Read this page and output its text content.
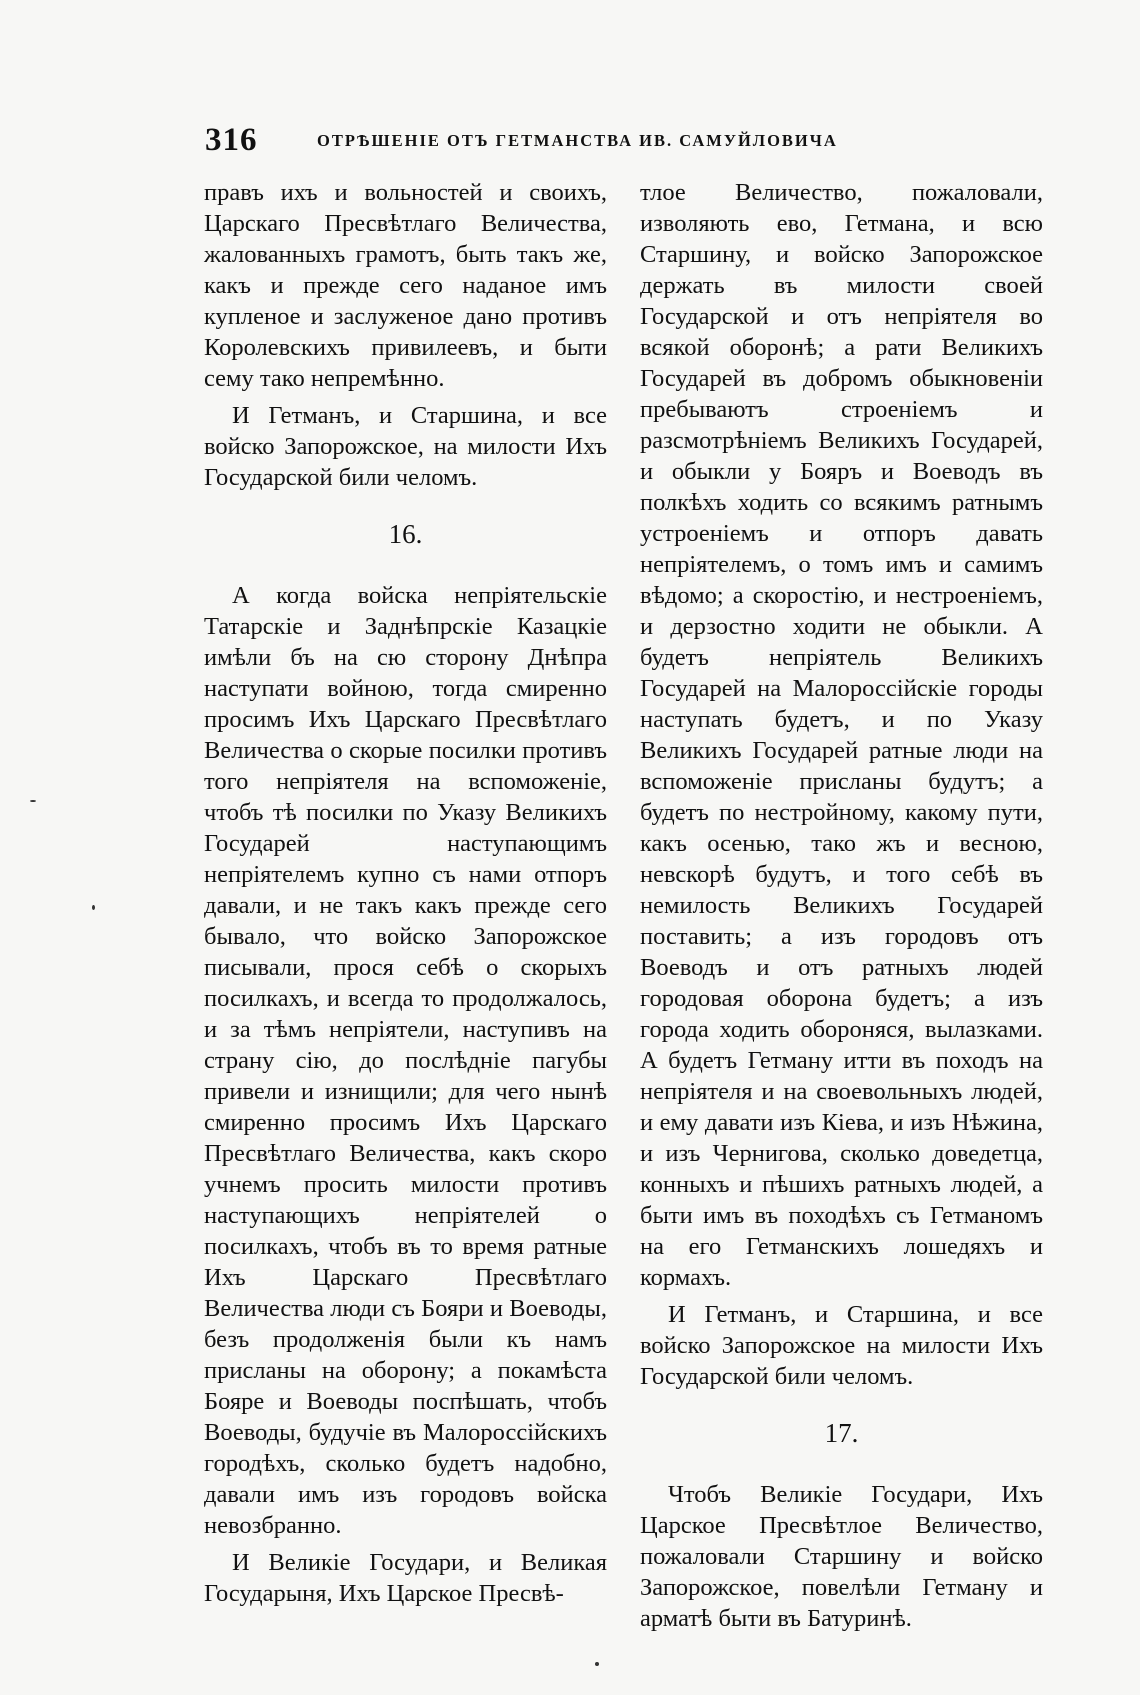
316	ОТРѢШЕНІЕ ОТЪ ГЕТМАНСТВА ИВ. САМУЙЛОВИЧА

правъ ихъ и вольностей и своихъ, Царскаго Пресвѣтлаго Величества, жалованныхъ грамотъ, быть такъ же, какъ и прежде сего наданое имъ купленое и заслуженое дано противъ Королевскихъ привилеевъ, и быти сему тако непремѣнно.

И Гетманъ, и Старшина, и все войско Запорожское, на милости Ихъ Государской били челомъ.

16.

А когда войска непріятельскіе Татарскіе и Заднѣпрскіе Казацкіе имѣли бъ на сю сторону Днѣпра наступати войною, тогда смиренно просимъ Ихъ Царскаго Пресвѣтлаго Величества о скорые посилки противъ того непріятеля на вспоможеніе, чтобъ тѣ посилки по Указу Великихъ Государей наступающимъ непріятелемъ купно съ нами отпоръ давали, и не такъ какъ прежде сего бывало, что войско Запорожское писывали, прося себѣ о скорыхъ посилкахъ, и всегда то продолжалось, и за тѣмъ непріятели, наступивъ на страну сію, до послѣдніе пагубы привели и изнищили; для чего нынѣ смиренно просимъ Ихъ Царскаго Пресвѣтлаго Величества, какъ скоро учнемъ просить милости противъ наступающихъ непріятелей о посилкахъ, чтобъ въ то время ратные Ихъ Царскаго Пресвѣтлаго Величества люди съ Бояри и Воеводы, безъ продолженія были къ намъ присланы на оборону; а покамѣста Бояре и Воеводы поспѣшать, чтобъ Воеводы, будучіе въ Малороссійскихъ городѣхъ, сколько будетъ надобно, давали имъ изъ городовъ войска невозбранно.

И Великіе Государи, и Великая Государыня, Ихъ Царское Пресвѣ-

тлое Величество, пожаловали, изволяють ево, Гетмана, и всю Старшину, и войско Запорожское держать въ милости своей Государской и отъ непріятеля во всякой оборонѣ; а рати Великихъ Государей въ добромъ обыкновеніи пребываютъ строеніемъ и разсмотрѣніемъ Великихъ Государей, и обыкли у Бояръ и Воеводъ въ полкѣхъ ходить со всякимъ ратнымъ устроеніемъ и отпоръ давать непріятелемъ, о томъ имъ и самимъ вѣдомо; а скоростію, и нестроеніемъ, и дерзостно ходити не обыкли. А будетъ непріятель Великихъ Государей на Малороссійскіе городы наступать будетъ, и по Указу Великихъ Государей ратные люди на вспоможеніе присланы будутъ; а будетъ по нестройному, какому пути, какъ осенью, тако жъ и весною, невскорѣ будутъ, и того себѣ въ немилость Великихъ Государей поставить; а изъ городовъ отъ Воеводъ и отъ ратныхъ людей городовая оборона будетъ; а изъ города ходить обороняся, вылазками. А будетъ Гетману итти въ походъ на непріятеля и на своевольныхъ людей, и ему давати изъ Кіева, и изъ Нѣжина, и изъ Чернигова, сколько доведетца, конныхъ и пѣшихъ ратныхъ людей, а быти имъ въ походѣхъ съ Гетманомъ на его Гетманскихъ лошедяхъ и кормахъ.

И Гетманъ, и Старшина, и все войско Запорожское на милости Ихъ Государской били челомъ.

17.

Чтобъ Великіе Государи, Ихъ Царское Пресвѣтлое Величество, пожаловали Старшину и войско Запорожское, повелѣли Гетману и арматѣ быти въ Батуринѣ.
